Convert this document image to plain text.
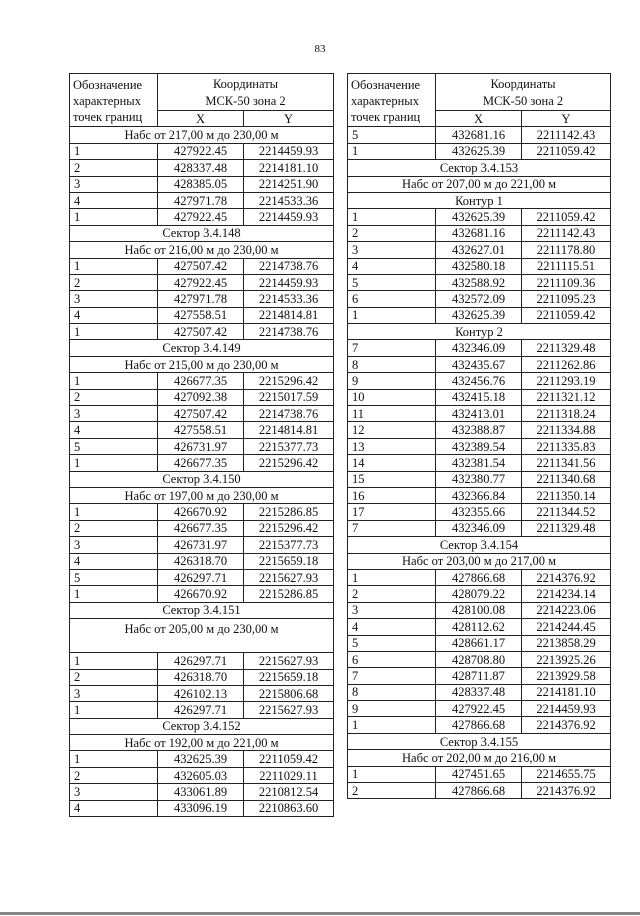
83
Обозначение
характерных
точек границ	Координаты
МСК-50 зона 2	
	X	Y
Набс от 217,00 м до 230,00 м		
1	427922.45	2214459.93
2	428337.48	2214181.10
3	428385.05	2214251.90
4	427971.78	2214533.36
1	427922.45	2214459.93
Сектор 3.4.148		
Набс от 216,00 м до 230,00 м		
1	427507.42	2214738.76
2	427922.45	2214459.93
3	427971.78	2214533.36
4	427558.51	2214814.81
1	427507.42	2214738.76
Сектор 3.4.149		
Набс от 215,00 м до 230,00 м		
1	426677.35	2215296.42
2	427092.38	2215017.59
3	427507.42	2214738.76
4	427558.51	2214814.81
5	426731.97	2215377.73
1	426677.35	2215296.42
Сектор 3.4.150		
Набс от 197,00 м до 230,00 м		
1	426670.92	2215286.85
2	426677.35	2215296.42
3	426731.97	2215377.73
4	426318.70	2215659.18
5	426297.71	2215627.93
1	426670.92	2215286.85
Сектор 3.4.151		
Набс от 205,00 м до 230,00 м		
1	426297.71	2215627.93
2	426318.70	2215659.18
3	426102.13	2215806.68
1	426297.71	2215627.93
Сектор 3.4.152		
Набс от 192,00 м до 221,00 м		
1	432625.39	2211059.42
2	432605.03	2211029.11
3	433061.89	2210812.54
4	433096.19	2210863.60
Обозначение
характерных
точек границ	Координаты
МСК-50 зона 2	
	X	Y
5	432681.16	2211142.43
1	432625.39	2211059.42
Сектор 3.4.153		
Набс от 207,00 м до 221,00 м		
Контур 1		
1	432625.39	2211059.42
2	432681.16	2211142.43
3	432627.01	2211178.80
4	432580.18	2211115.51
5	432588.92	2211109.36
6	432572.09	2211095.23
1	432625.39	2211059.42
Контур 2		
7	432346.09	2211329.48
8	432435.67	2211262.86
9	432456.76	2211293.19
10	432415.18	2211321.12
11	432413.01	2211318.24
12	432388.87	2211334.88
13	432389.54	2211335.83
14	432381.54	2211341.56
15	432380.77	2211340.68
16	432366.84	2211350.14
17	432355.66	2211344.52
7	432346.09	2211329.48
Сектор 3.4.154		
Набс от 203,00 м до 217,00 м		
1	427866.68	2214376.92
2	428079.22	2214234.14
3	428100.08	2214223.06
4	428112.62	2214244.45
5	428661.17	2213858.29
6	428708.80	2213925.26
7	428711.87	2213929.58
8	428337.48	2214181.10
9	427922.45	2214459.93
1	427866.68	2214376.92
Сектор 3.4.155		
Набс от 202,00 м до 216,00 м		
1	427451.65	2214655.75
2	427866.68	2214376.92
